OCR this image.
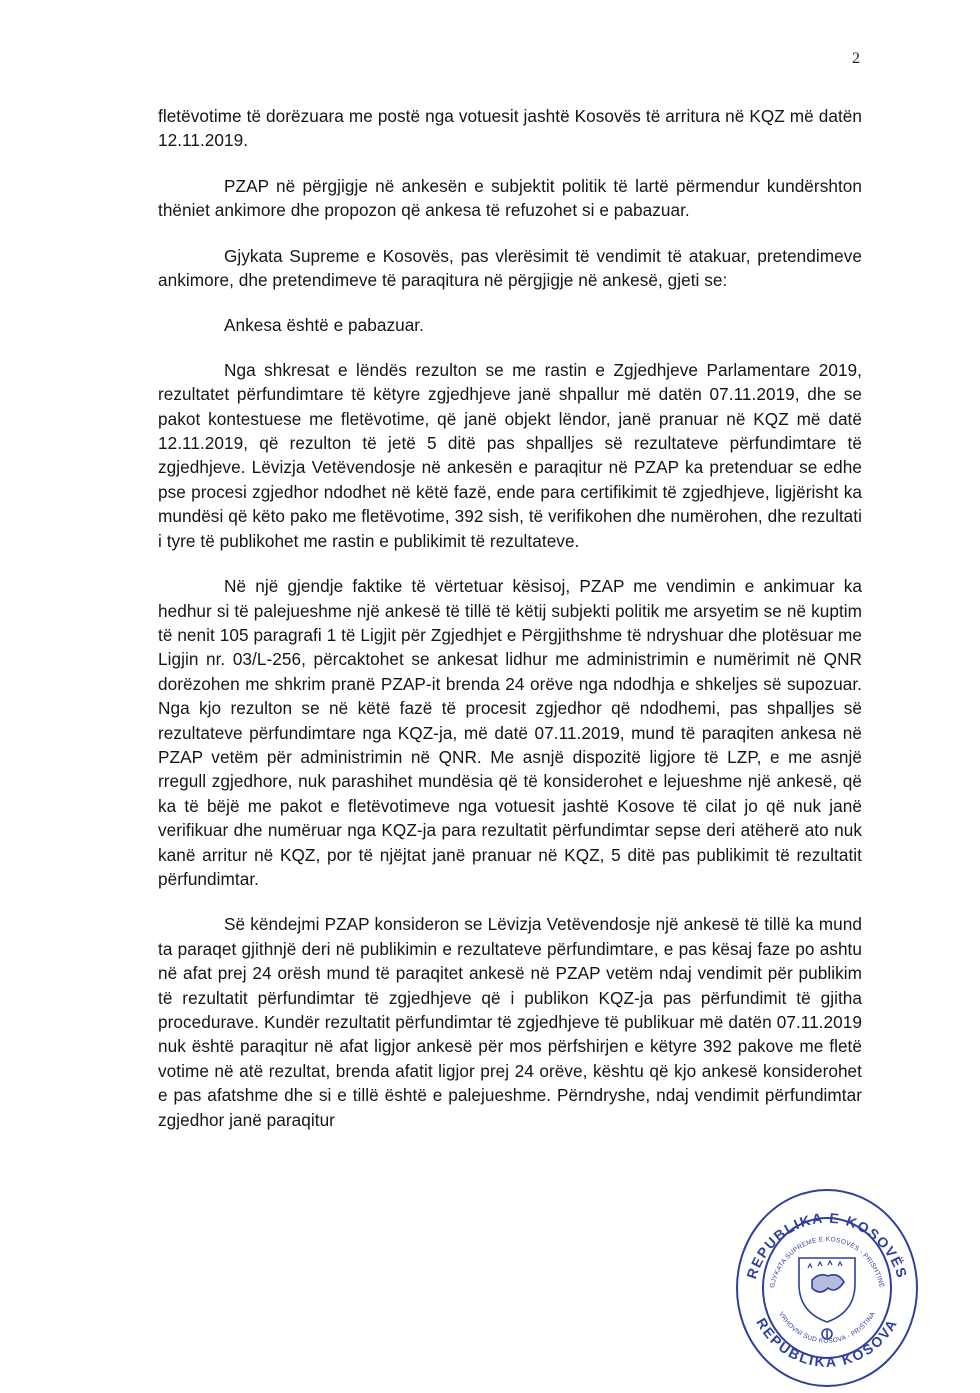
2

fletëvotime të dorëzuara me postë nga votuesit jashtë Kosovës të arritura në KQZ më datën 12.11.2019.

PZAP në përgjigje në ankesën e subjektit politik të lartë përmendur kundërshton thëniet ankimore dhe propozon që ankesa të refuzohet si e pabazuar.

Gjykata Supreme e Kosovës, pas vlerësimit të vendimit të atakuar, pretendimeve ankimore, dhe pretendimeve të paraqitura në përgjigje në ankesë, gjeti se:

Ankesa është e pabazuar.

Nga shkresat e lëndës rezulton se me rastin e Zgjedhjeve Parlamentare 2019, rezultatet përfundimtare të këtyre zgjedhjeve janë shpallur më datën 07.11.2019, dhe se pakot kontestuese me fletëvotime, që janë objekt lëndor, janë pranuar në KQZ më datë 12.11.2019, që rezulton të jetë 5 ditë pas shpalljes së rezultateve përfundimtare të zgjedhjeve. Lëvizja Vetëvendosje në ankesën e paraqitur në PZAP ka pretenduar se edhe pse procesi zgjedhor ndodhet në këtë fazë, ende para certifikimit të zgjedhjeve, ligjërisht ka mundësi që këto pako me fletëvotime, 392 sish, të verifikohen dhe numërohen, dhe rezultati i tyre të publikohet me rastin e publikimit të rezultateve.

Në një gjendje faktike të vërtetuar kësisoj, PZAP me vendimin e ankimuar ka hedhur si të palejueshme një ankesë të tillë të këtij subjekti politik me arsyetim se në kuptim të nenit 105 paragrafi 1 të Ligjit për Zgjedhjet e Përgjithshme të ndryshuar dhe plotësuar me Ligjin nr. 03/L-256, përcaktohet se ankesat lidhur me administrimin e numërimit në QNR dorëzohen me shkrim pranë PZAP-it brenda 24 orëve nga ndodhja e shkeljes së supozuar. Nga kjo rezulton se në këtë fazë të procesit zgjedhor që ndodhemi, pas shpalljes së rezultateve përfundimtare nga KQZ-ja, më datë 07.11.2019, mund të paraqiten ankesa në PZAP vetëm për administrimin në QNR. Me asnjë dispozitë ligjore të LZP, e me asnjë rregull zgjedhore, nuk parashihet mundësia që të konsiderohet e lejueshme një ankesë, që ka të bëjë me pakot e fletëvotimeve nga votuesit jashtë Kosove të cilat jo që nuk janë verifikuar dhe numëruar nga KQZ-ja para rezultatit përfundimtar sepse deri atëherë ato nuk kanë arritur në KQZ, por të njëjtat janë pranuar në KQZ, 5 ditë pas publikimit të rezultatit përfundimtar.

Së këndejmi PZAP konsideron se Lëvizja Vetëvendosje një ankesë të tillë ka mund ta paraqet gjithnjë deri në publikimin e rezultateve përfundimtare, e pas kësaj faze po ashtu në afat prej 24 orësh mund të paraqitet ankesë në PZAP vetëm ndaj vendimit për publikim të rezultatit përfundimtar të zgjedhjeve që i publikon KQZ-ja pas përfundimit të gjitha procedurave. Kundër rezultatit përfundimtar të zgjedhjeve të publikuar më datën 07.11.2019 nuk është paraqitur në afat ligjor ankesë për mos përfshirjen e këtyre 392 pakove me fletë votime në atë rezultat, brenda afatit ligjor prej 24 orëve, kështu që kjo ankesë konsiderohet e pas afatshme dhe si e tillë është e palejueshme. Përndryshe, ndaj vendimit përfundimtar zgjedhor janë paraqitur

REPUBLIKA E KOSOVËS
REPUBLIKA KOSOVA
GJYKATA SUPREME E KOSOVËS - PRISHTINË
VRHOVNI SUD KOSOVA - PRIŠTINA
